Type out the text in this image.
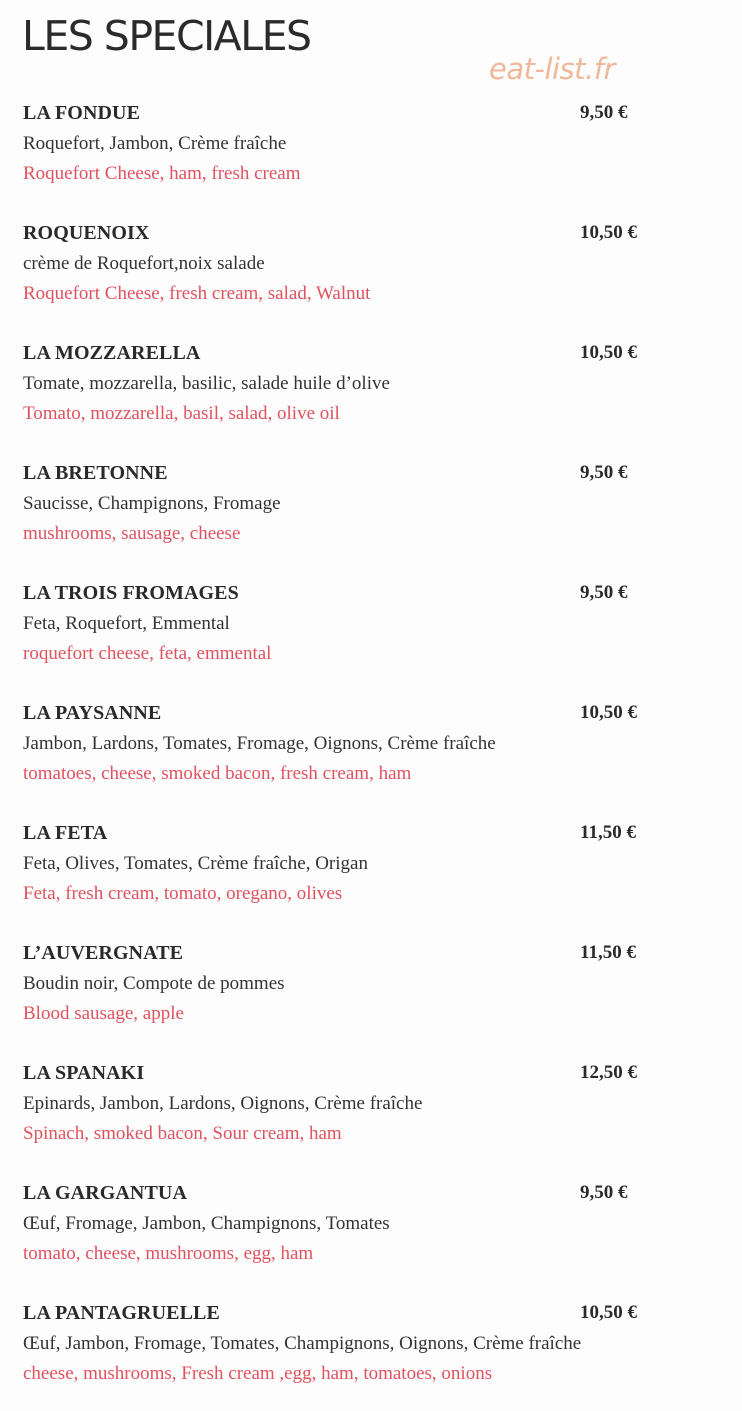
LES SPECIALES
eat-list.fr
LA FONDUE	9,50 €
Roquefort, Jambon, Crème fraîche
Roquefort Cheese, ham, fresh cream
ROQUENOIX	10,50 €
crème de Roquefort,noix salade
Roquefort Cheese, fresh cream, salad, Walnut
LA MOZZARELLA	10,50 €
Tomate, mozzarella, basilic, salade huile d’olive
Tomato, mozzarella, basil, salad, olive oil
LA BRETONNE	9,50 €
Saucisse, Champignons, Fromage
mushrooms, sausage, cheese
LA TROIS FROMAGES	9,50 €
Feta, Roquefort, Emmental
roquefort cheese, feta, emmental
LA PAYSANNE	10,50 €
Jambon, Lardons, Tomates, Fromage, Oignons, Crème fraîche
tomatoes, cheese, smoked bacon, fresh cream, ham
LA FETA	11,50 €
Feta, Olives, Tomates, Crème fraîche, Origan
Feta, fresh cream, tomato, oregano, olives
L’AUVERGNATE	11,50 €
Boudin noir, Compote de pommes
Blood sausage, apple
LA SPANAKI	12,50 €
Epinards, Jambon, Lardons, Oignons, Crème fraîche
Spinach, smoked bacon, Sour cream, ham
LA GARGANTUA	9,50 €
Œuf, Fromage, Jambon, Champignons, Tomates
tomato, cheese, mushrooms, egg, ham
LA PANTAGRUELLE	10,50 €
Œuf, Jambon, Fromage, Tomates, Champignons, Oignons, Crème fraîche
cheese, mushrooms, Fresh cream ,egg, ham, tomatoes, onions
